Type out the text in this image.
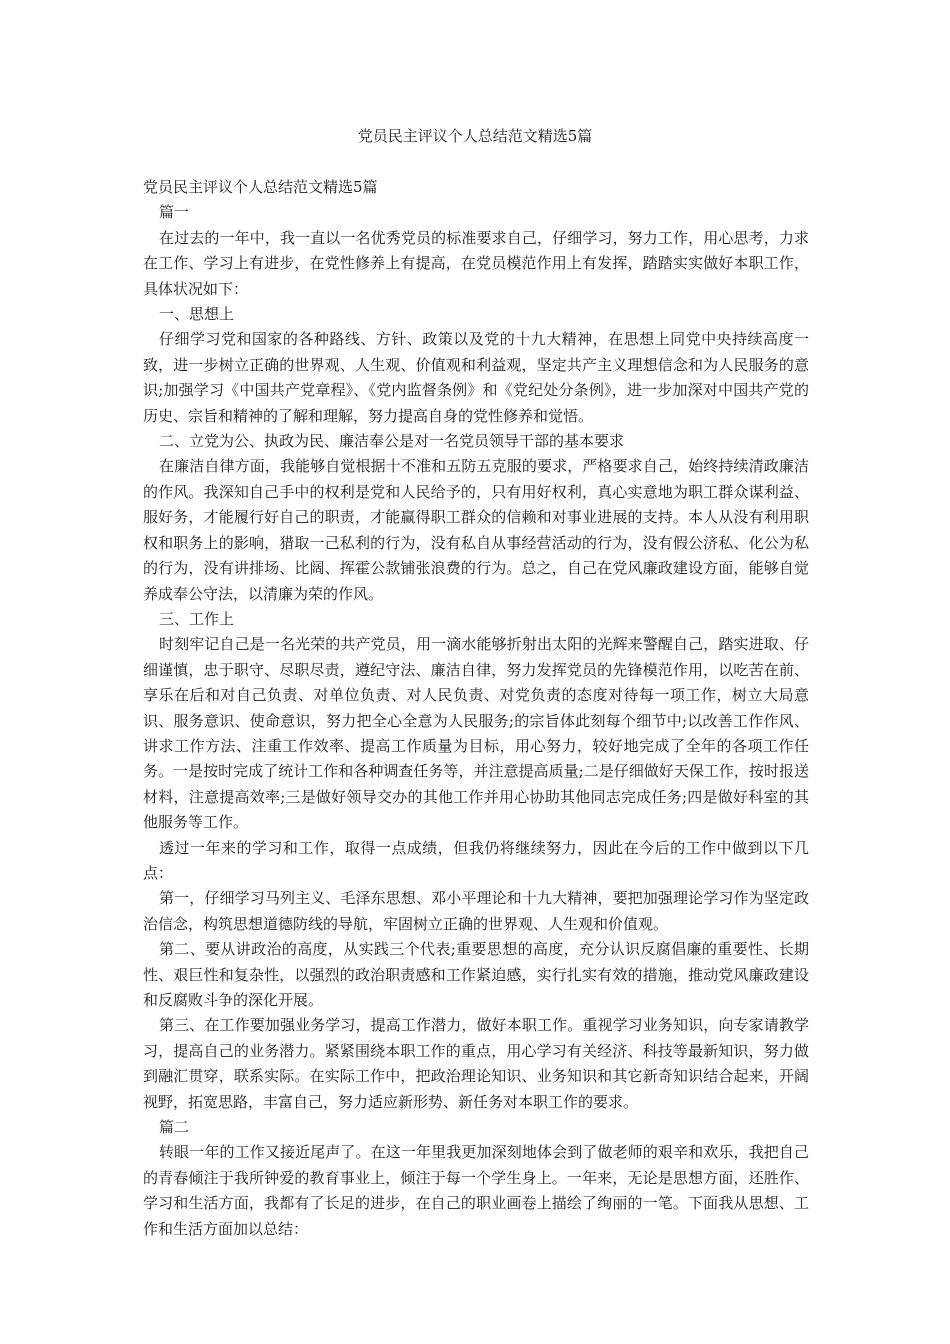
党员民主评议个人总结范文精选5篇

党员民主评议个人总结范文精选5篇

篇一

在过去的一年中，我一直以一名优秀党员的标准要求自己，仔细学习，努力工作，用心思考，力求在工作、学习上有进步，在党性修养上有提高，在党员模范作用上有发挥，踏踏实实做好本职工作，具体状况如下：

一、思想上

仔细学习党和国家的各种路线、方针、政策以及党的十九大精神，在思想上同党中央持续高度一致，进一步树立正确的世界观、人生观、价值观和利益观，坚定共产主义理想信念和为人民服务的意识;加强学习《中国共产党章程》、《党内监督条例》和《党纪处分条例》，进一步加深对中国共产党的历史、宗旨和精神的了解和理解，努力提高自身的党性修养和觉悟。

二、立党为公、执政为民、廉洁奉公是对一名党员领导干部的基本要求

在廉洁自律方面，我能够自觉根据十不准和五防五克服的要求，严格要求自己，始终持续清政廉洁的作风。我深知自己手中的权利是党和人民给予的，只有用好权利，真心实意地为职工群众谋利益、服好务，才能履行好自己的职责，才能赢得职工群众的信赖和对事业进展的支持。本人从没有利用职权和职务上的影响，猎取一己私利的行为，没有私自从事经营活动的行为，没有假公济私、化公为私的行为，没有讲排场、比阔、挥霍公款铺张浪费的行为。总之，自己在党风廉政建设方面，能够自觉养成奉公守法，以清廉为荣的作风。

三、工作上

时刻牢记自己是一名光荣的共产党员，用一滴水能够折射出太阳的光辉来警醒自己，踏实进取、仔细谨慎，忠于职守、尽职尽责，遵纪守法、廉洁自律，努力发挥党员的先锋模范作用，以吃苦在前、享乐在后和对自己负责、对单位负责、对人民负责、对党负责的态度对待每一项工作，树立大局意识、服务意识、使命意识，努力把全心全意为人民服务;的宗旨体此刻每个细节中;以改善工作作风、讲求工作方法、注重工作效率、提高工作质量为目标，用心努力，较好地完成了全年的各项工作任务。一是按时完成了统计工作和各种调查任务等，并注意提高质量;二是仔细做好天保工作，按时报送材料，注意提高效率;三是做好领导交办的其他工作并用心协助其他同志完成任务;四是做好科室的其他服务等工作。

透过一年来的学习和工作，取得一点成绩，但我仍将继续努力，因此在今后的工作中做到以下几点：

第一，仔细学习马列主义、毛泽东思想、邓小平理论和十九大精神，要把加强理论学习作为坚定政治信念，构筑思想道德防线的导航，牢固树立正确的世界观、人生观和价值观。

第二、要从讲政治的高度，从实践三个代表;重要思想的高度，充分认识反腐倡廉的重要性、长期性、艰巨性和复杂性，以强烈的政治职责感和工作紧迫感，实行扎实有效的措施，推动党风廉政建设和反腐败斗争的深化开展。

第三、在工作要加强业务学习，提高工作潜力，做好本职工作。重视学习业务知识，向专家请教学习，提高自己的业务潜力。紧紧围绕本职工作的重点，用心学习有关经济、科技等最新知识，努力做到融汇贯穿，联系实际。在实际工作中，把政治理论知识、业务知识和其它新奇知识结合起来，开阔视野，拓宽思路，丰富自己，努力适应新形势、新任务对本职工作的要求。

篇二

转眼一年的工作又接近尾声了。在这一年里我更加深刻地体会到了做老师的艰辛和欢乐，我把自己的青春倾注于我所钟爱的教育事业上，倾注于每一个学生身上。一年来，无论是思想方面，还胜作、学习和生活方面，我都有了长足的进步，在自己的职业画卷上描绘了绚丽的一笔。下面我从思想、工作和生活方面加以总结：
